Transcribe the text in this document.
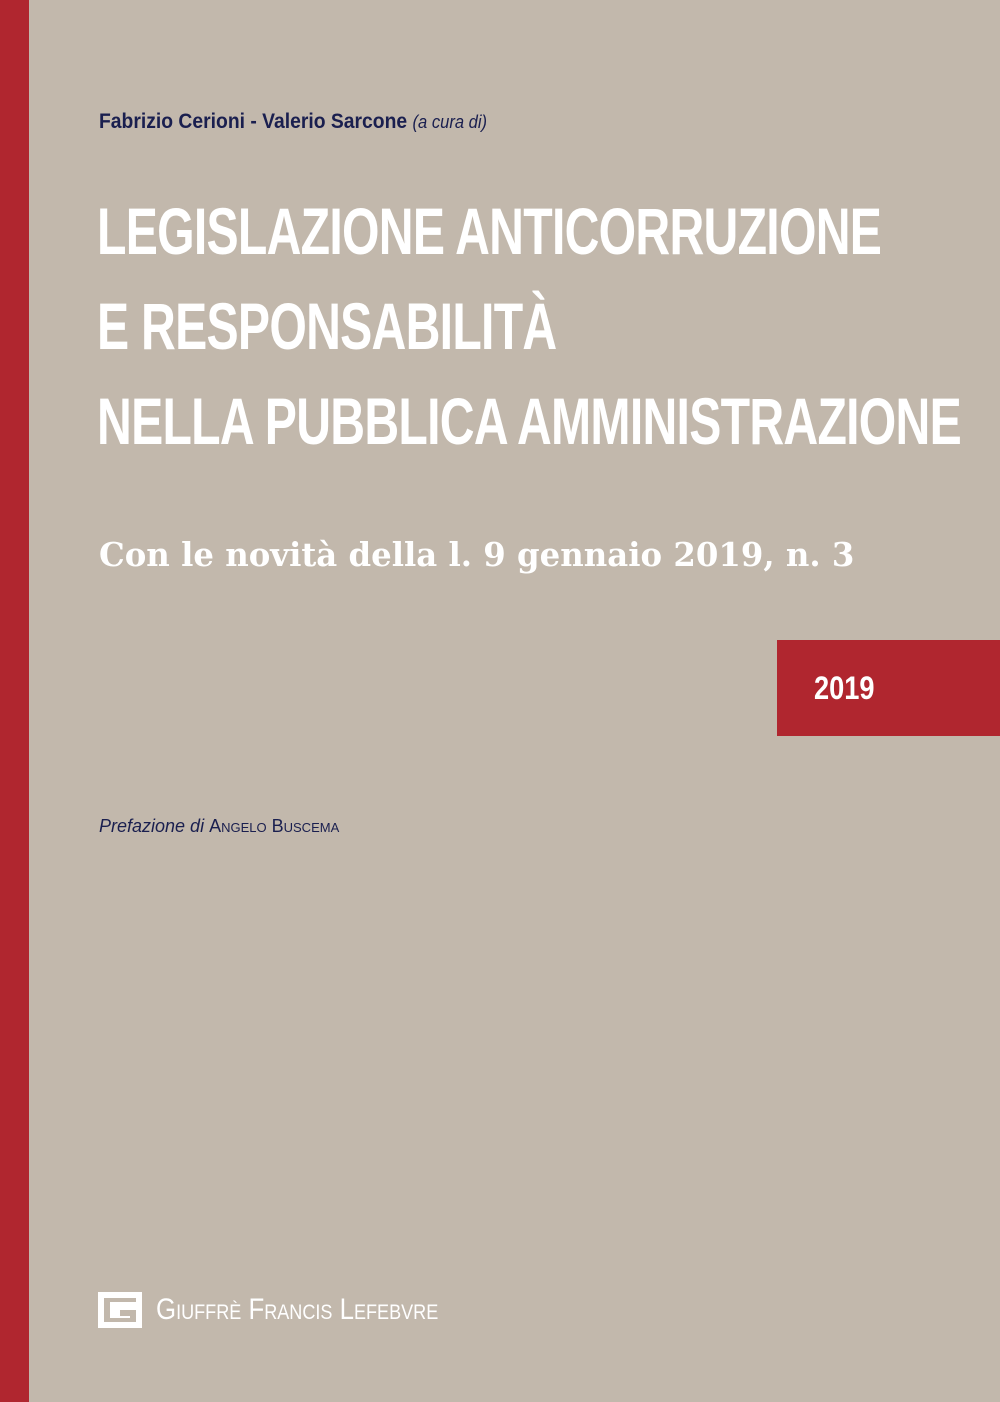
Fabrizio Cerioni - Valerio Sarcone (a cura di)
LEGISLAZIONE ANTICORRUZIONE
E RESPONSABILITÀ
NELLA PUBBLICA AMMINISTRAZIONE
Con le novità della l. 9 gennaio 2019, n. 3
2019
Prefazione di Angelo Buscema
Giuffrè Francis Lefebvre
